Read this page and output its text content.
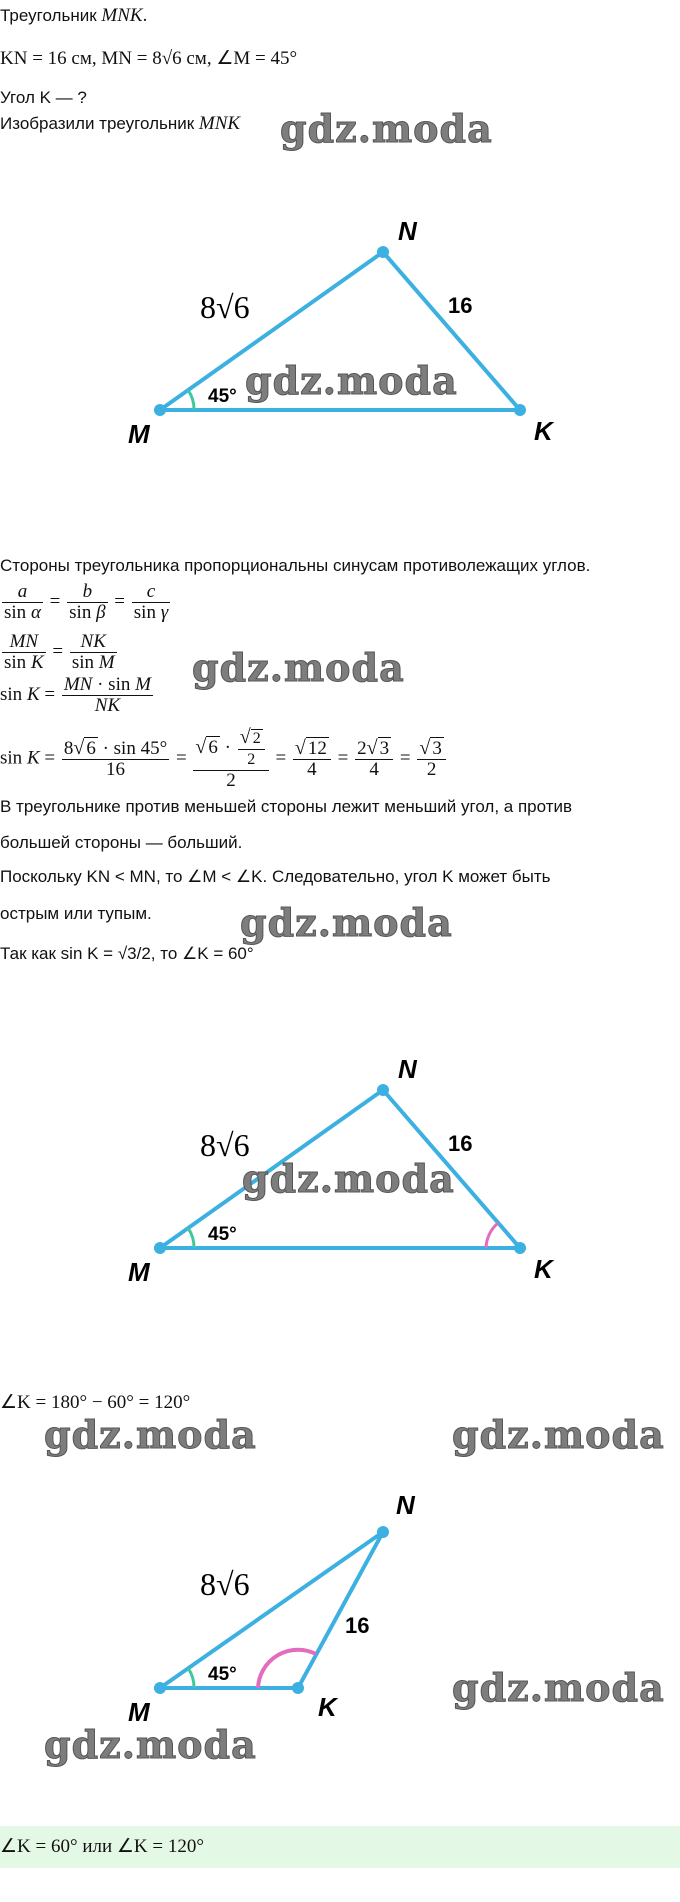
Треугольник MNK.
KN = 16 см, MN = 8√6 см, ∠M = 45°
Угол K — ?
Изобразили треугольник MNK
M
N
K
8√6	16
45°
gdz.moda
gdz.moda
Стороны треугольника пропорциональны синусам противолежащих углов.
$\frac{a}{\text{sin α}} = \frac{b}{\text{sin β}} = \frac{c}{\text{sin γ}}$
$\frac{MN}{\text{sin K}} = \frac{NK}{\text{sin M}}$
$\sin K = \frac{\text{MN · sin M}}{NK}$
$\sin K = \frac{8√ 6 \cdot \sin 45^\circ}{16} = \frac{√ 6 \cdot \frac{√ 2}{2}}{2} = \frac{√ 12}{4} = \frac{2√ 3}{4} = \frac{√ 3}{2}$
gdz.moda
В треугольнике против меньшей стороны лежит меньший угол, а против
большей стороны — больший.
Поскольку KN < MN, то ∠M < ∠K. Следовательно, угол K может быть
острым или тупым.
Так как sin K = √3/2, то ∠K = 60°
gdz.moda
M
N
K
8√6	16
45°
gdz.moda
∠K = 180° − 60° = 120°
gdz.moda	gdz.moda
M
N
K
8√6
16
45°	gdz.moda
gdz.moda
∠K = 60° или ∠K = 120°
